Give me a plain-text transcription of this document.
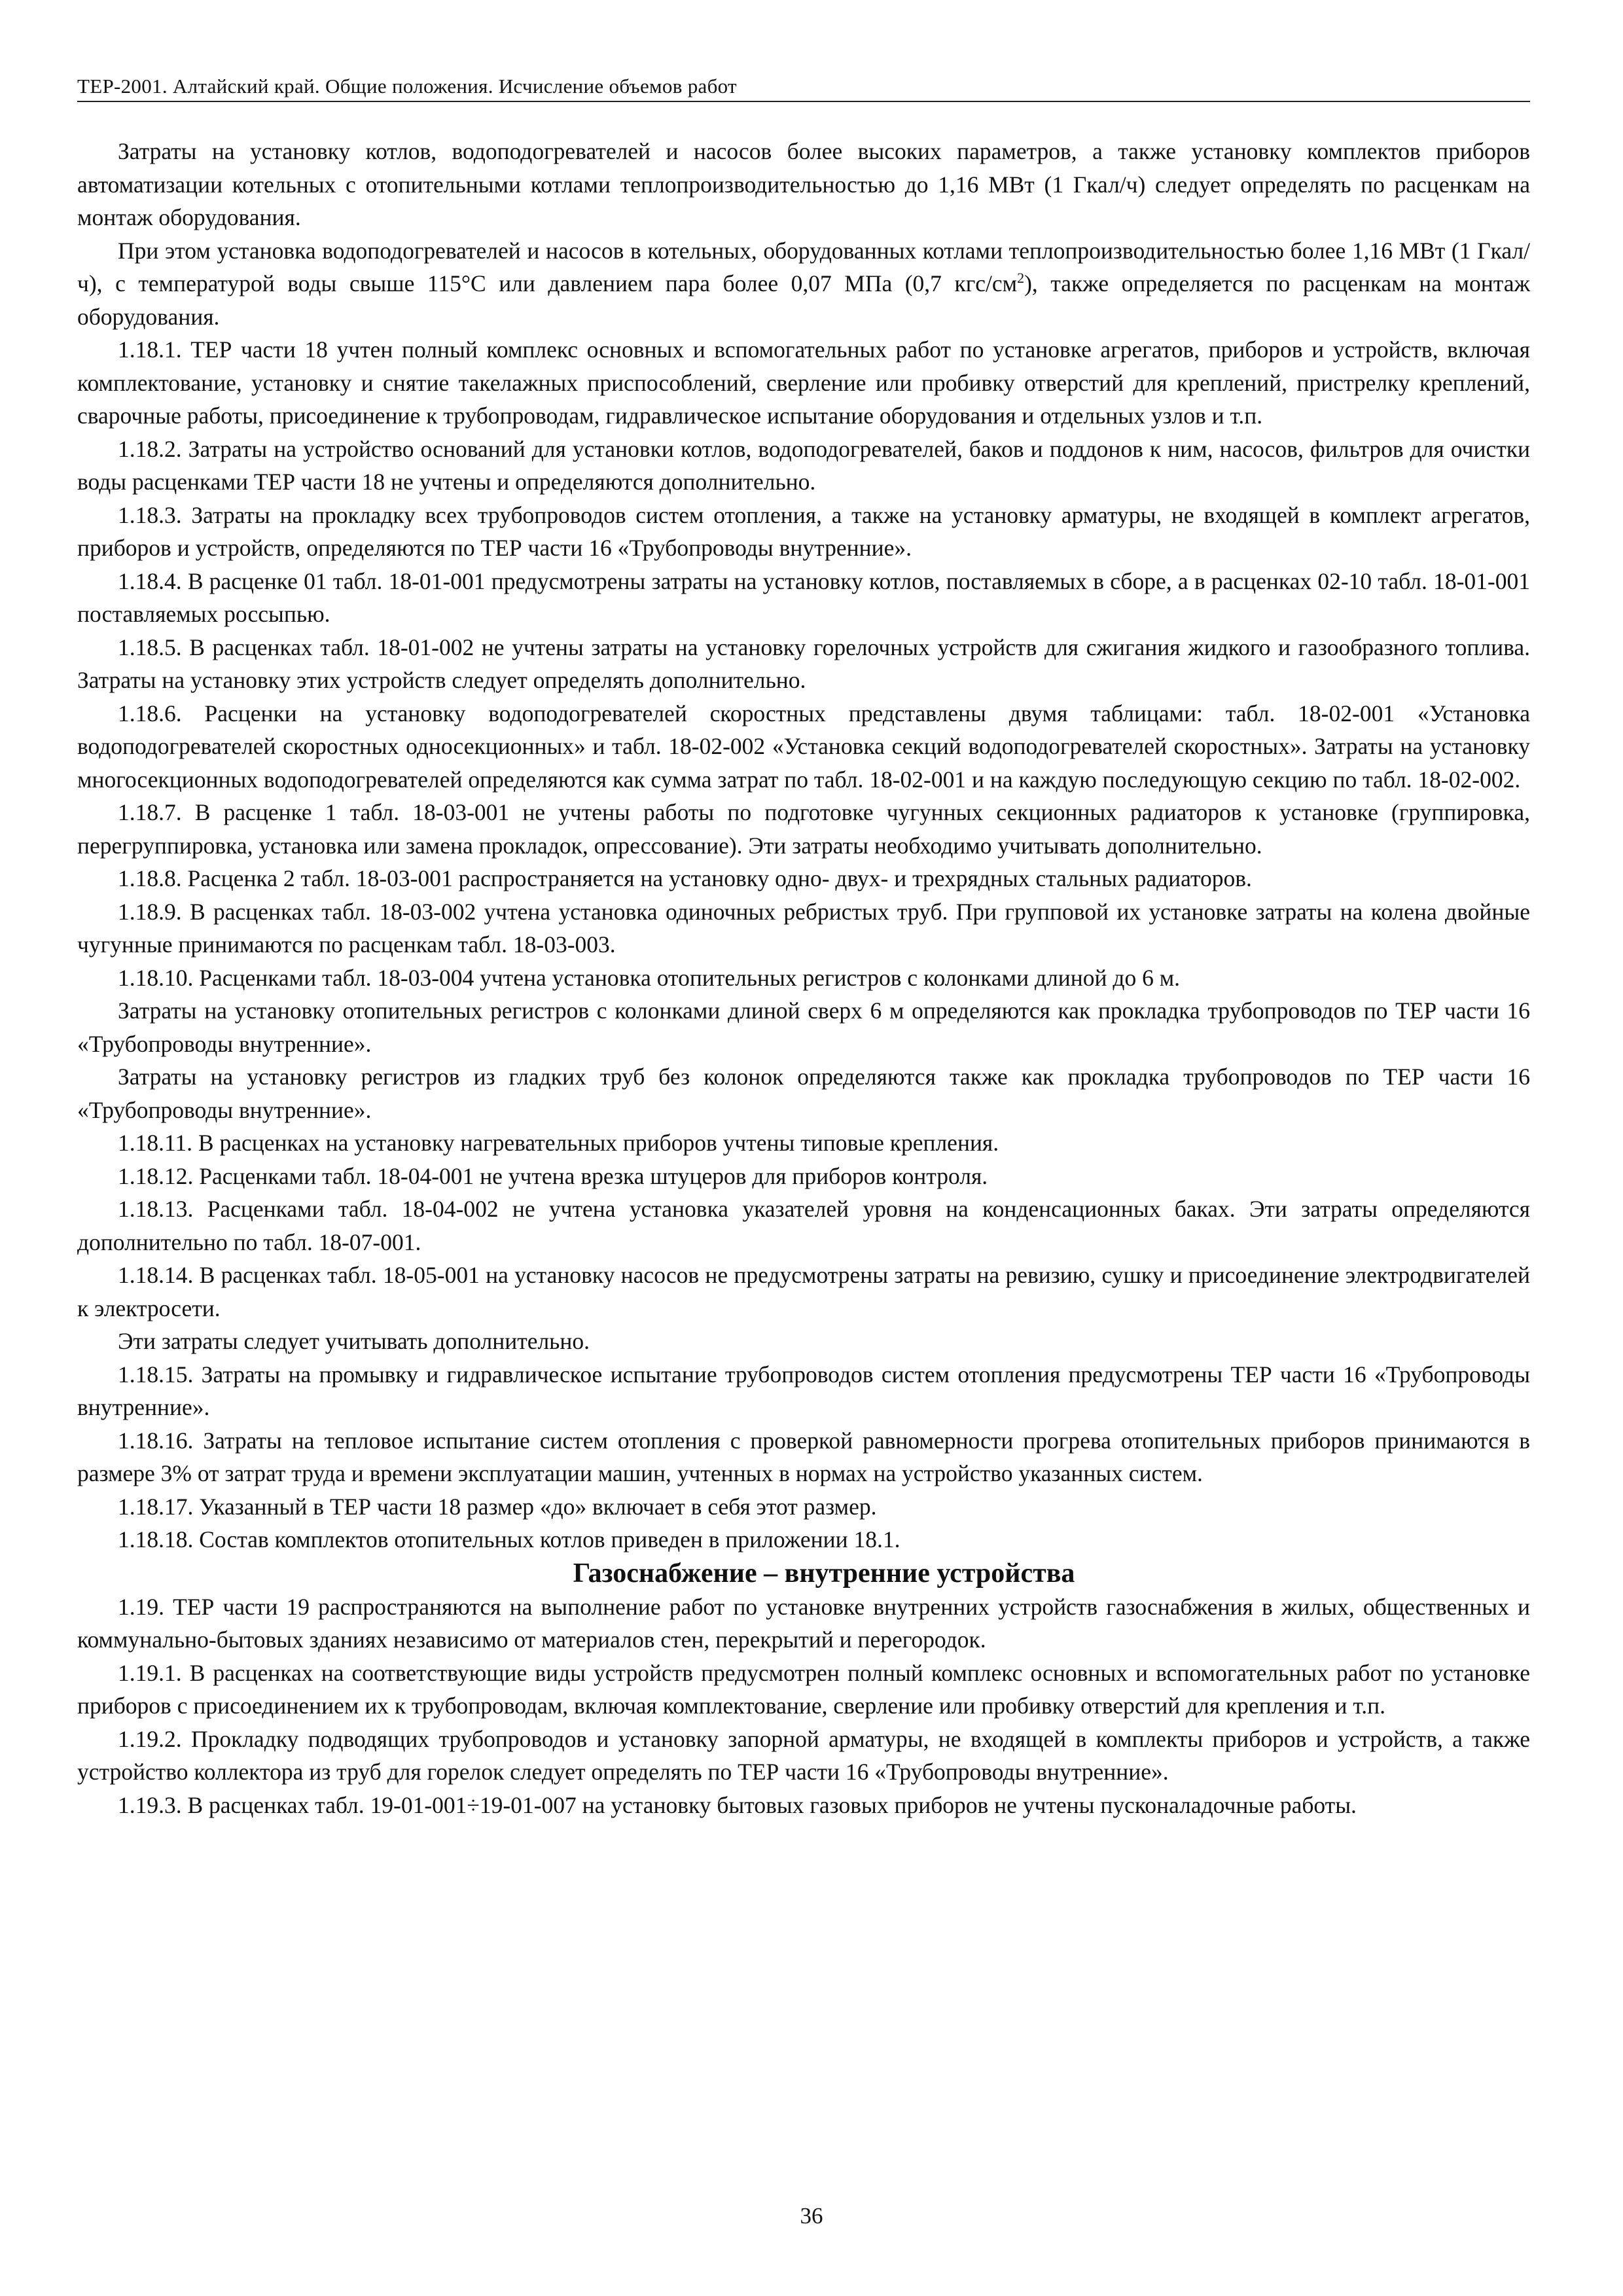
ТЕР-2001. Алтайский край. Общие положения. Исчисление объемов работ

Затраты на установку котлов, водоподогревателей и насосов более высоких параметров, а также установку комплектов приборов автоматизации котельных с отопительными котлами теплопроизводительностью до 1,16 МВт (1 Гкал/ч) следует определять по расценкам на монтаж оборудования.

При этом установка водоподогревателей и насосов в котельных, оборудованных котлами теплопроизводительностью более 1,16 МВт (1 Гкал/ч), с температурой воды свыше 115°С или давлением пара более 0,07 МПа (0,7 кгс/$см^2$), также определяется по расценкам на монтаж оборудования.

1.18.1. ТЕР части 18 учтен полный комплекс основных и вспомогательных работ по установке агрегатов, приборов и устройств, включая комплектование, установку и снятие такелажных приспособлений, сверление или пробивку отверстий для креплений, пристрелку креплений, сварочные работы, присоединение к трубопроводам, гидравлическое испытание оборудования и отдельных узлов и т.п.

1.18.2. Затраты на устройство оснований для установки котлов, водоподогревателей, баков и поддонов к ним, насосов, фильтров для очистки воды расценками ТЕР части 18 не учтены и определяются дополнительно.

1.18.3. Затраты на прокладку всех трубопроводов систем отопления, а также на установку арматуры, не входящей в комплект агрегатов, приборов и устройств, определяются по ТЕР части 16 «Трубопроводы внутренние».

1.18.4. В расценке 01 табл. 18-01-001 предусмотрены затраты на установку котлов, поставляемых в сборе, а в расценках 02-10 табл. 18-01-001 поставляемых россыпью.

1.18.5. В расценках табл. 18-01-002 не учтены затраты на установку горелочных устройств для сжигания жидкого и газообразного топлива. Затраты на установку этих устройств следует определять дополнительно.

1.18.6. Расценки на установку водоподогревателей скоростных представлены двумя таблицами: табл. 18-02-001 «Установка водоподогревателей скоростных односекционных» и табл. 18-02-002 «Установка секций водоподогревателей скоростных». Затраты на установку многосекционных водоподогревателей определяются как сумма затрат по табл. 18-02-001 и на каждую последующую секцию по табл. 18-02-002.

1.18.7. В расценке 1 табл. 18-03-001 не учтены работы по подготовке чугунных секционных радиаторов к установке (группировка, перегруппировка, установка или замена прокладок, опрессование). Эти затраты необходимо учитывать дополнительно.

1.18.8. Расценка 2 табл. 18-03-001 распространяется на установку одно- двух- и трехрядных стальных радиаторов.

1.18.9. В расценках табл. 18-03-002 учтена установка одиночных ребристых труб. При групповой их установке затраты на колена двойные чугунные принимаются по расценкам табл. 18-03-003.

1.18.10. Расценками табл. 18-03-004 учтена установка отопительных регистров с колонками длиной до 6 м.

Затраты на установку отопительных регистров с колонками длиной сверх 6 м определяются как прокладка трубопроводов по ТЕР части 16 «Трубопроводы внутренние».

Затраты на установку регистров из гладких труб без колонок определяются также как прокладка трубопроводов по ТЕР части 16 «Трубопроводы внутренние».

1.18.11. В расценках на установку нагревательных приборов учтены типовые крепления.

1.18.12. Расценками табл. 18-04-001 не учтена врезка штуцеров для приборов контроля.

1.18.13. Расценками табл. 18-04-002 не учтена установка указателей уровня на конденсационных баках. Эти затраты определяются дополнительно по табл. 18-07-001.

1.18.14. В расценках табл. 18-05-001 на установку насосов не предусмотрены затраты на ревизию, сушку и присоединение электродвигателей к электросети.

Эти затраты следует учитывать дополнительно.

1.18.15. Затраты на промывку и гидравлическое испытание трубопроводов систем отопления предусмотрены ТЕР части 16 «Трубопроводы внутренние».

1.18.16. Затраты на тепловое испытание систем отопления с проверкой равномерности прогрева отопительных приборов принимаются в размере 3% от затрат труда и времени эксплуатации машин, учтенных в нормах на устройство указанных систем.

1.18.17. Указанный в ТЕР части 18 размер «до» включает в себя этот размер.

1.18.18. Состав комплектов отопительных котлов приведен в приложении 18.1.

Газоснабжение – внутренние устройства

1.19. ТЕР части 19 распространяются на выполнение работ по установке внутренних устройств газоснабжения в жилых, общественных и коммунально-бытовых зданиях независимо от материалов стен, перекрытий и перегородок.

1.19.1. В расценках на соответствующие виды устройств предусмотрен полный комплекс основных и вспомогательных работ по установке приборов с присоединением их к трубопроводам, включая комплектование, сверление или пробивку отверстий для крепления и т.п.

1.19.2. Прокладку подводящих трубопроводов и установку запорной арматуры, не входящей в комплекты приборов и устройств, а также устройство коллектора из труб для горелок следует определять по ТЕР части 16 «Трубопроводы внутренние».

1.19.3. В расценках табл. 19-01-001÷19-01-007 на установку бытовых газовых приборов не учтены пусконаладочные работы.

36
